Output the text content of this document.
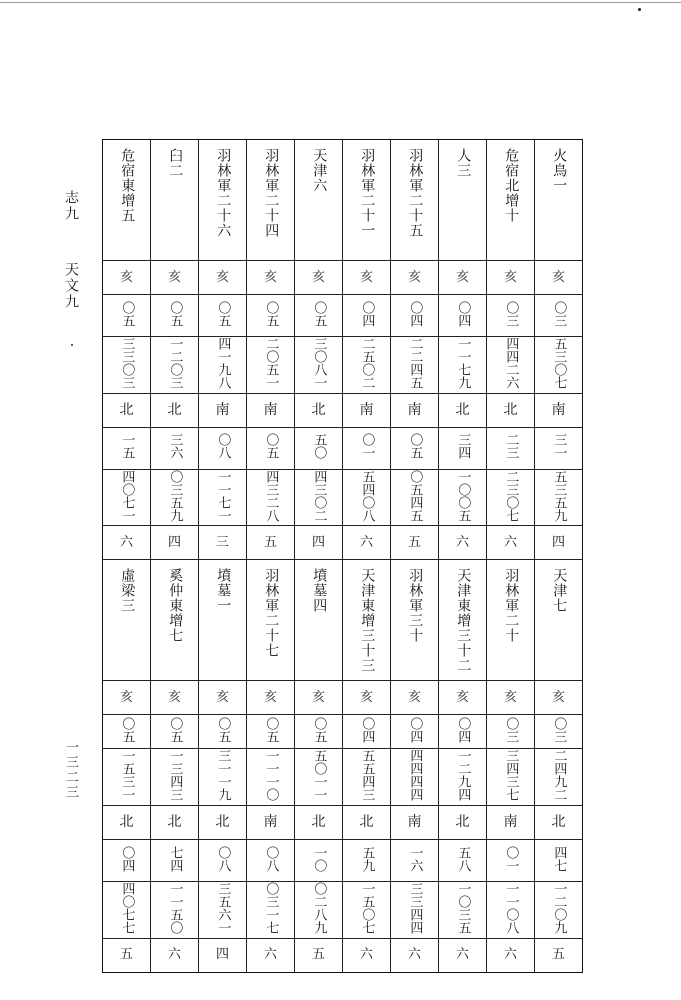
志九
天文九
一三二三
危宿東增五	臼二	羽林軍二十六	羽林軍二十四	天津六	羽林軍二十一	羽林軍二十五	人三	危宿北增十	火鳥一
亥	亥	亥	亥	亥	亥	亥	亥	亥	亥
〇五	〇五	〇五	〇五	〇五	〇四	〇四	〇四	〇三	〇三
三三〇三	一二〇三	四一九八	二〇五一	三〇八一	二五〇二	二二四五	一一七九	四四二六	五三〇七
北	北	南	南	北	南	南	北	北	南
一五	三六	〇八	〇五	五〇	〇一	〇五	三四	二三	三一
四〇七一	〇三五九	一一七一	四三二八	四三〇二	五四〇八	〇五四五	一〇〇五	二三〇七	五三五九
六	四	三	五	四	六	五	六	六	四
虛梁三	奚仲東增七	墳墓一	羽林軍二十七	墳墓四	天津東增三十三	羽林軍三十	天津東增三十二	羽林軍二十	天津七
亥	亥	亥	亥	亥	亥	亥	亥	亥	亥
〇五	〇五	〇五	〇五	〇五	〇四	〇四	〇四	〇三	〇三
一五三一	一三四三	三一一九	一一一〇	五〇一一	五五四三	四四四四	一二九四	三四三七	二四九二
北	北	北	南	北	北	南	北	南	北
〇四	七四	〇八	〇八	一〇	五九	一六	五八	〇一	四七
四〇七七	一一五〇	三五六一	〇三一七	〇二八九	一五〇七	三三四四	一〇三五	一一〇八	一二〇九
五	六	四	六	五	六	六	六	六	五
